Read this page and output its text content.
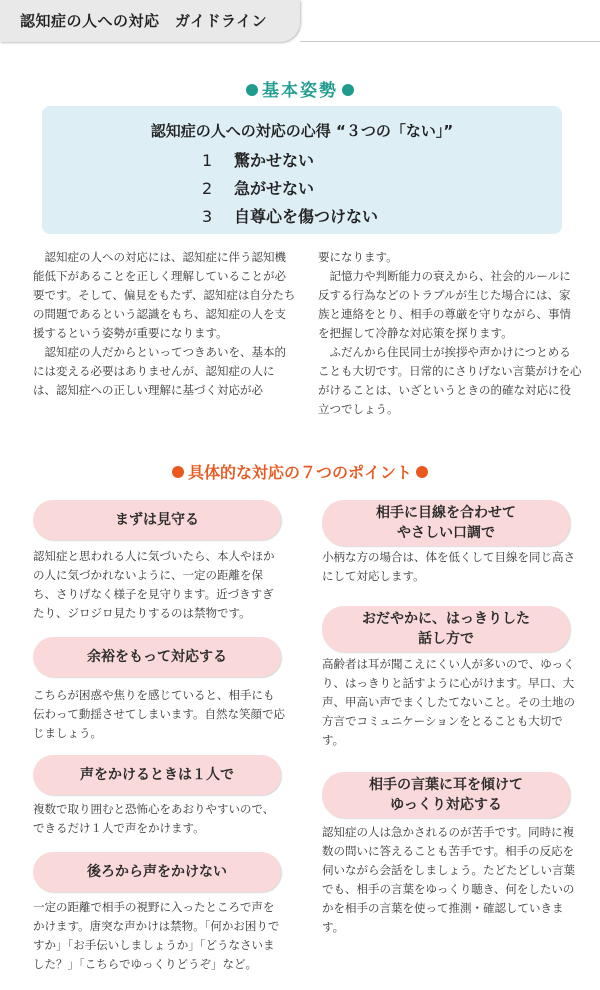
認知症の人への対応　ガイドライン
基本姿勢
認知症の人への対応の心得 “３つの「ない」”
1 驚かせない
2 急がせない
3 自尊心を傷つけない

認知症の人への対応には、認知症に伴う認知機能低下があることを正しく理解していることが必要です。そして、偏見をもたず、認知症は自分たちの問題であるという認識をもち、認知症の人を支援するという姿勢が重要になります。

認知症の人だからといってつきあいを、基本的には変える必要はありませんが、認知症の人には、認知症への正しい理解に基づく対応が必

要になります。

記憶力や判断能力の衰えから、社会的ルールに反する行為などのトラブルが生じた場合には、家族と連絡をとり、相手の尊厳を守りながら、事情を把握して冷静な対応策を探ります。

ふだんから住民同士が挨拶や声かけにつとめることも大切です。日常的にさりげない言葉がけを心がけることは、いざというときの的確な対応に役立つでしょう。

具体的な対応の７つのポイント
まずは見守る
認知症と思われる人に気づいたら、本人やほかの人に気づかれないように、一定の距離を保ち、さりげなく様子を見守ります。近づきすぎたり、ジロジロ見たりするのは禁物です。
余裕をもって対応する
こちらが困惑や焦りを感じていると、相手にも伝わって動揺させてしまいます。自然な笑顔で応じましょう。
声をかけるときは１人で
複数で取り囲むと恐怖心をあおりやすいので、できるだけ１人で声をかけます。
後ろから声をかけない
一定の距離で相手の視野に入ったところで声をかけます。唐突な声かけは禁物。「何かお困りですか」「お手伝いしましょうか」「どうなさいました？」「こちらでゆっくりどうぞ」など。
相手に目線を合わせて
やさしい口調で
小柄な方の場合は、体を低くして目線を同じ高さにして対応します。
おだやかに、はっきりした
話し方で
高齢者は耳が聞こえにくい人が多いので、ゆっくり、はっきりと話すように心がけます。早口、大声、甲高い声でまくしたてないこと。その土地の方言でコミュニケーションをとることも大切です。
相手の言葉に耳を傾けて
ゆっくり対応する
認知症の人は急かされるのが苦手です。同時に複数の問いに答えることも苦手です。相手の反応を伺いながら会話をしましょう。たどたどしい言葉でも、相手の言葉をゆっくり聴き、何をしたいのかを相手の言葉を使って推測・確認していきます。
